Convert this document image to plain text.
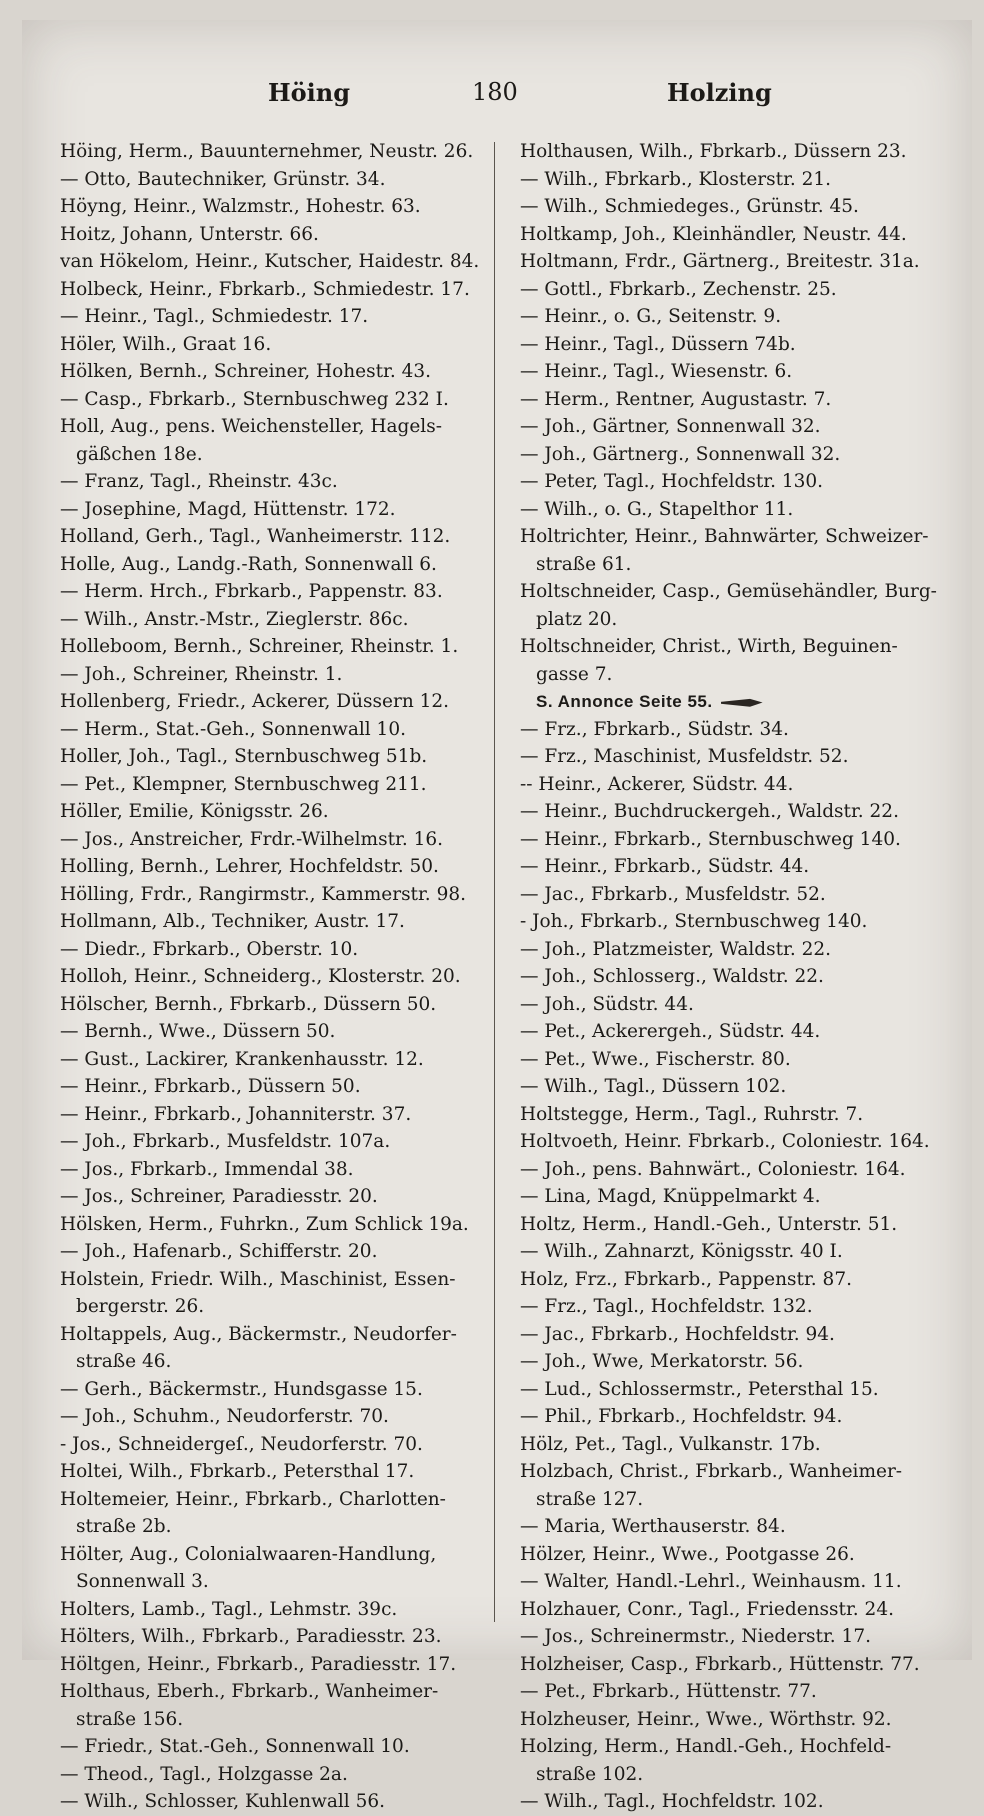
Höing	180	Holzing
Höing, Herm., Bauunternehmer, Neustr. 26.
— Otto, Bautechniker, Grünstr. 34.
Höyng, Heinr., Walzmstr., Hohestr. 63.
Hoitz, Johann, Unterstr. 66.
van Hökelom, Heinr., Kutscher, Haidestr. 84.
Holbeck, Heinr., Fbrkarb., Schmiedestr. 17.
— Heinr., Tagl., Schmiedestr. 17.
Höler, Wilh., Graat 16.
Hölken, Bernh., Schreiner, Hohestr. 43.
— Casp., Fbrkarb., Sternbuschweg 232 I.
Holl, Aug., pens. Weichensteller, Hagels-
gäßchen 18e.
— Franz, Tagl., Rheinstr. 43c.
— Josephine, Magd, Hüttenstr. 172.
Holland, Gerh., Tagl., Wanheimerstr. 112.
Holle, Aug., Landg.-Rath, Sonnenwall 6.
— Herm. Hrch., Fbrkarb., Pappenstr. 83.
— Wilh., Anstr.-Mstr., Zieglerstr. 86c.
Holleboom, Bernh., Schreiner, Rheinstr. 1.
— Joh., Schreiner, Rheinstr. 1.
Hollenberg, Friedr., Ackerer, Düssern 12.
— Herm., Stat.-Geh., Sonnenwall 10.
Holler, Joh., Tagl., Sternbuschweg 51b.
— Pet., Klempner, Sternbuschweg 211.
Höller, Emilie, Königsstr. 26.
— Jos., Anstreicher, Frdr.-Wilhelmstr. 16.
Holling, Bernh., Lehrer, Hochfeldstr. 50.
Hölling, Frdr., Rangirmstr., Kammerstr. 98.
Hollmann, Alb., Techniker, Austr. 17.
— Diedr., Fbrkarb., Oberstr. 10.
Holloh, Heinr., Schneiderg., Klosterstr. 20.
Hölscher, Bernh., Fbrkarb., Düssern 50.
— Bernh., Wwe., Düssern 50.
— Gust., Lackirer, Krankenhausstr. 12.
— Heinr., Fbrkarb., Düssern 50.
— Heinr., Fbrkarb., Johanniterstr. 37.
— Joh., Fbrkarb., Musfeldstr. 107a.
— Jos., Fbrkarb., Immendal 38.
— Jos., Schreiner, Paradiesstr. 20.
Hölsken, Herm., Fuhrkn., Zum Schlick 19a.
— Joh., Hafenarb., Schifferstr. 20.
Holstein, Friedr. Wilh., Maschinist, Essen-
bergerstr. 26.
Holtappels, Aug., Bäckermstr., Neudorfer-
straße 46.
— Gerh., Bäckermstr., Hundsgasse 15.
— Joh., Schuhm., Neudorferstr. 70.
- Jos., Schneidergeſ., Neudorferstr. 70.
Holtei, Wilh., Fbrkarb., Petersthal 17.
Holtemeier, Heinr., Fbrkarb., Charlotten-
straße 2b.
Hölter, Aug., Colonialwaaren-Handlung,
Sonnenwall 3.
Holters, Lamb., Tagl., Lehmstr. 39c.
Hölters, Wilh., Fbrkarb., Paradiesstr. 23.
Höltgen, Heinr., Fbrkarb., Paradiesstr. 17.
Holthaus, Eberh., Fbrkarb., Wanheimer-
straße 156.
— Friedr., Stat.-Geh., Sonnenwall 10.
— Theod., Tagl., Holzgasse 2a.
— Wilh., Schlosser, Kuhlenwall 56.
Holthausen, Wilh., Fbrkarb., Düssern 23.
— Wilh., Fbrkarb., Klosterstr. 21.
— Wilh., Schmiedeges., Grünstr. 45.
Holtkamp, Joh., Kleinhändler, Neustr. 44.
Holtmann, Frdr., Gärtnerg., Breitestr. 31a.
— Gottl., Fbrkarb., Zechenstr. 25.
— Heinr., o. G., Seitenstr. 9.
— Heinr., Tagl., Düssern 74b.
— Heinr., Tagl., Wiesenstr. 6.
— Herm., Rentner, Augustastr. 7.
— Joh., Gärtner, Sonnenwall 32.
— Joh., Gärtnerg., Sonnenwall 32.
— Peter, Tagl., Hochfeldstr. 130.
— Wilh., o. G., Stapelthor 11.
Holtrichter, Heinr., Bahnwärter, Schweizer-
straße 61.
Holtschneider, Casp., Gemüsehändler, Burg-
platz 20.
Holtschneider, Christ., Wirth, Beguinen-
gasse 7.
S. Annonce Seite 55.
— Frz., Fbrkarb., Südstr. 34.
— Frz., Maschinist, Musfeldstr. 52.
-- Heinr., Ackerer, Südstr. 44.
— Heinr., Buchdruckergeh., Waldstr. 22.
— Heinr., Fbrkarb., Sternbuschweg 140.
— Heinr., Fbrkarb., Südstr. 44.
— Jac., Fbrkarb., Musfeldstr. 52.
- Joh., Fbrkarb., Sternbuschweg 140.
— Joh., Platzmeister, Waldstr. 22.
— Joh., Schlosserg., Waldstr. 22.
— Joh., Südstr. 44.
— Pet., Ackerergeh., Südstr. 44.
— Pet., Wwe., Fischerstr. 80.
— Wilh., Tagl., Düssern 102.
Holtstegge, Herm., Tagl., Ruhrstr. 7.
Holtvoeth, Heinr. Fbrkarb., Coloniestr. 164.
— Joh., pens. Bahnwärt., Coloniestr. 164.
— Lina, Magd, Knüppelmarkt 4.
Holtz, Herm., Handl.-Geh., Unterstr. 51.
— Wilh., Zahnarzt, Königsstr. 40 I.
Holz, Frz., Fbrkarb., Pappenstr. 87.
— Frz., Tagl., Hochfeldstr. 132.
— Jac., Fbrkarb., Hochfeldstr. 94.
— Joh., Wwe, Merkatorstr. 56.
— Lud., Schlossermstr., Petersthal 15.
— Phil., Fbrkarb., Hochfeldstr. 94.
Hölz, Pet., Tagl., Vulkanstr. 17b.
Holzbach, Christ., Fbrkarb., Wanheimer-
straße 127.
— Maria, Werthauserstr. 84.
Hölzer, Heinr., Wwe., Pootgasse 26.
— Walter, Handl.-Lehrl., Weinhausm. 11.
Holzhauer, Conr., Tagl., Friedensstr. 24.
— Jos., Schreinermstr., Niederstr. 17.
Holzheiser, Casp., Fbrkarb., Hüttenstr. 77.
— Pet., Fbrkarb., Hüttenstr. 77.
Holzheuser, Heinr., Wwe., Wörthstr. 92.
Holzing, Herm., Handl.-Geh., Hochfeld-
straße 102.
— Wilh., Tagl., Hochfeldstr. 102.
